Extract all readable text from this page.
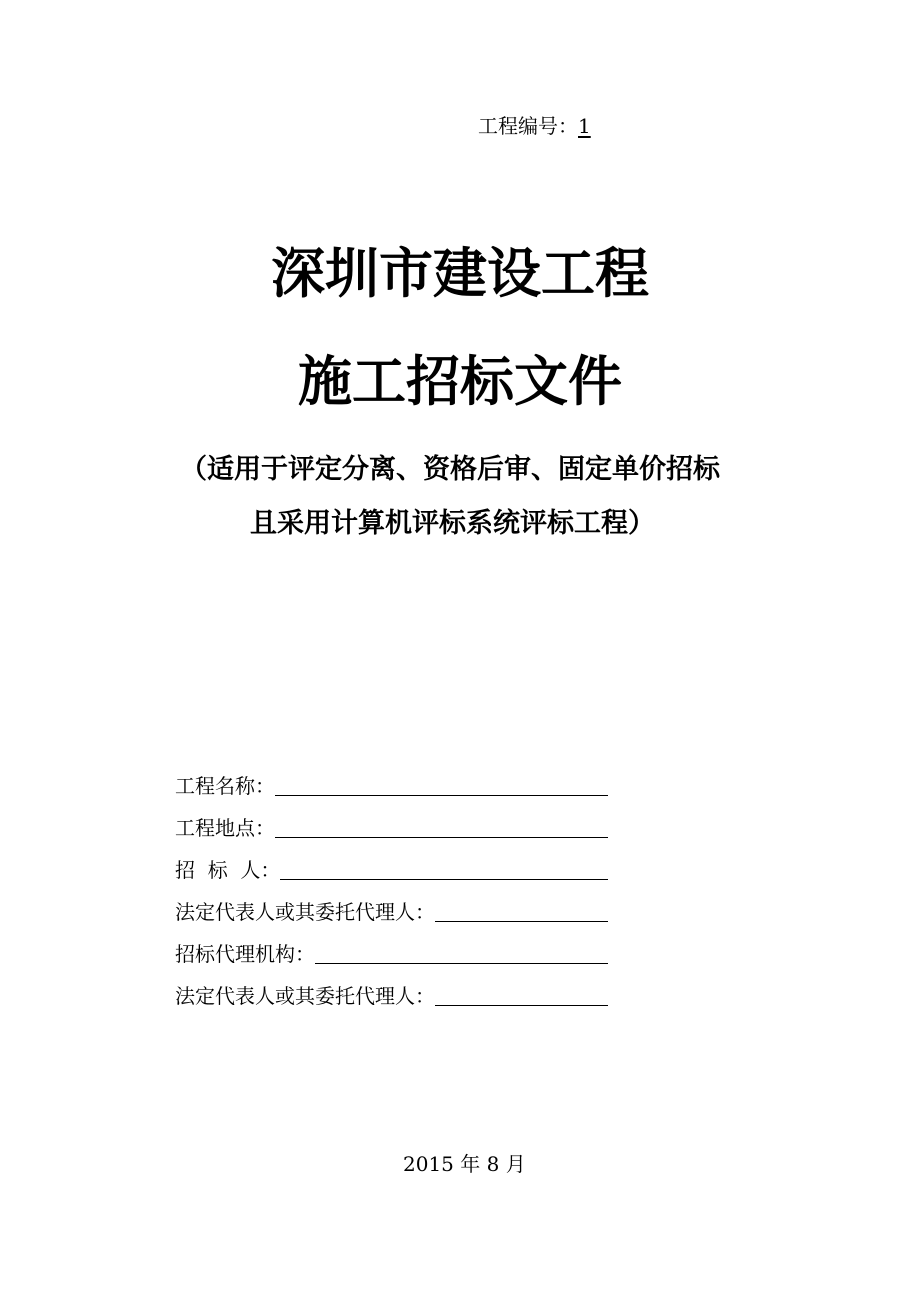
工程编号：1
深圳市建设工程
施工招标文件
（适用于评定分离、资格后审、固定单价招标
且采用计算机评标系统评标工程）
工程名称：
工程地点：
招  标  人：
法定代表人或其委托代理人：
招标代理机构：
法定代表人或其委托代理人：
2015 年 8 月
